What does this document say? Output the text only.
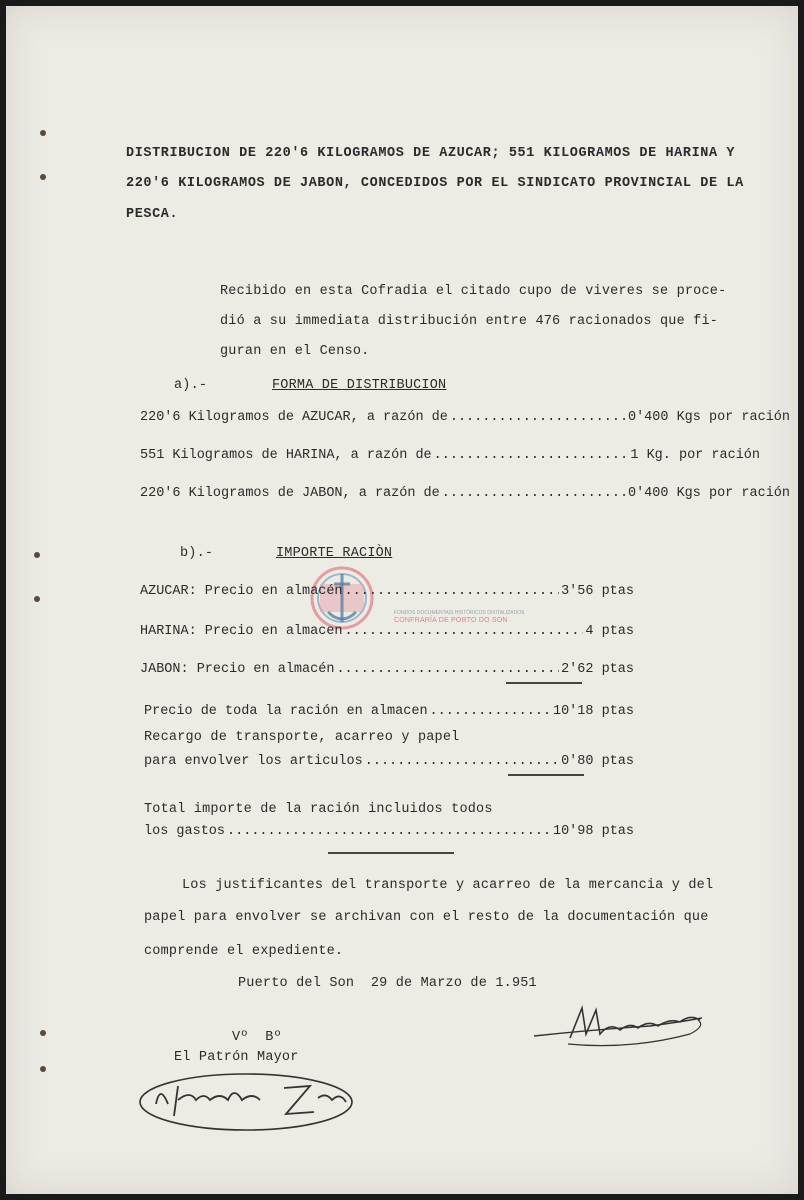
DISTRIBUCION DE 220'6 KILOGRAMOS DE AZUCAR; 551 KILOGRAMOS DE HARINA Y
220'6 KILOGRAMOS DE JABON, CONCEDIDOS POR EL SINDICATO PROVINCIAL DE LA
PESCA.
Recibido en esta Cofradia el citado cupo de viveres se proce-
dió a su immediata distribución entre 476 racionados que fi-
guran en el Censo.
a).-	FORMA DE DISTRIBUCION
220'6 Kilogramos de AZUCAR, a razón de .....	0'400 Kgs por ración
551 Kilogramos de HARINA, a razón de .....	1 Kg. por ración
220'6 Kilogramos de JABON, a razón de .....	0'400 Kgs por ración
b).-	IMPORTE RACIÒN
FONDOS DOCUMENTAIS HISTÓRICOS DIXITALIZADOS
CONFRARÍA DE PORTO DO SON
AZUCAR: Precio en almacén .....	3'56 ptas
HARINA: Precio en almacen .....	4 ptas
JABON: Precio en almacén .....	2'62 ptas
Precio de toda la ración en almacen .....	10'18 ptas
Recargo de transporte, acarreo y papel
para envolver los articulos .....	0'80 ptas
Total importe de la ración incluidos todos
los gastos .....	10'98 ptas
Los justificantes del transporte y acarreo de la mercancia y del
papel para envolver se archivan con el resto de la documentación que
comprende el expediente.
Puerto del Son  29 de Marzo de 1.951
Vº  Bº
El Patrón Mayor
